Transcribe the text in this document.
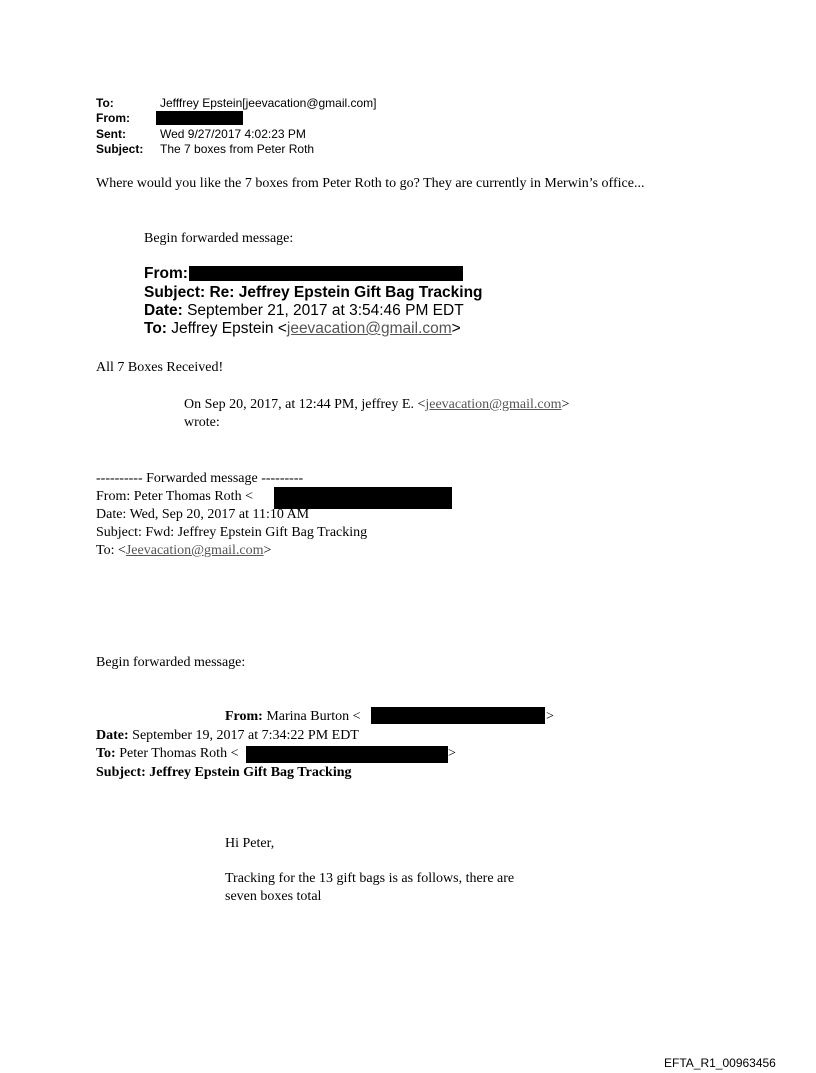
To:	Jefffrey Epstein[jeevacation@gmail.com]
From:
Sent:	Wed 9/27/2017 4:02:23 PM
Subject: The 7 boxes from Peter Roth
Where would you like the 7 boxes from Peter Roth to go? They are currently in Merwin’s office...
Begin forwarded message:
From:
Subject: Re: Jeffrey Epstein Gift Bag Tracking
Date: September 21, 2017 at 3:54:46 PM EDT
To: Jeffrey Epstein <jeevacation@gmail.com>
All 7 Boxes Received!
On Sep 20, 2017, at 12:44 PM, jeffrey E. <jeevacation@gmail.com>
wrote:
---------- Forwarded message ---------
From: Peter Thomas Roth <
Date: Wed, Sep 20, 2017 at 11:10 AM
Subject: Fwd: Jeffrey Epstein Gift Bag Tracking
To: <Jeevacation@gmail.com>
Begin forwarded message:
From: Marina Burton <	>
Date: September 19, 2017 at 7:34:22 PM EDT
To: Peter Thomas Roth <	>
Subject: Jeffrey Epstein Gift Bag Tracking
Hi Peter,
Tracking for the 13 gift bags is as follows, there are
seven boxes total
EFTA_R1_00963456
